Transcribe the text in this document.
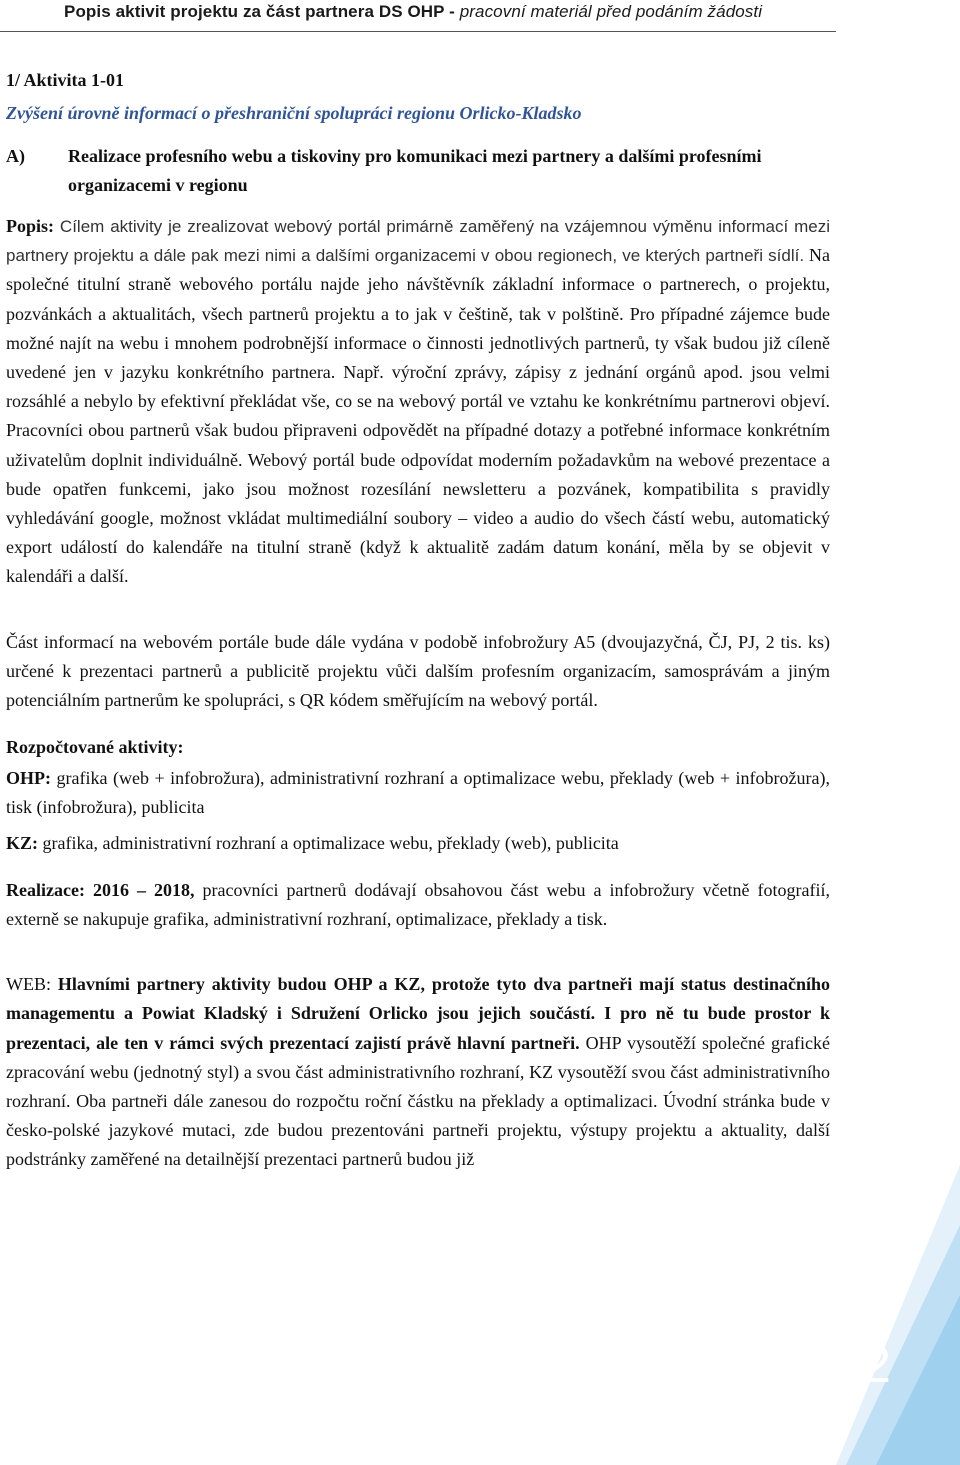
Popis aktivit projektu za část partnera DS OHP - pracovní materiál před podáním žádosti
1/ Aktivita 1-01
Zvýšení úrovně informací o přeshraniční spolupráci regionu Orlicko-Kladsko
A)	Realizace profesního webu a tiskoviny pro komunikaci mezi partnery a dalšími profesními organizacemi v regionu

Popis: Cílem aktivity je zrealizovat webový portál primárně zaměřený na vzájemnou výměnu informací mezi partnery projektu a dále pak mezi nimi a dalšími organizacemi v obou regionech, ve kterých partneři sídlí. Na společné titulní straně webového portálu najde jeho návštěvník základní informace o partnerech, o projektu, pozvánkách a aktualitách, všech partnerů projektu a to jak v češtině, tak v polštině. Pro případné zájemce bude možné najít na webu i mnohem podrobnější informace o činnosti jednotlivých partnerů, ty však budou již cíleně uvedené jen v jazyku konkrétního partnera. Např. výroční zprávy, zápisy z jednání orgánů apod. jsou velmi rozsáhlé a nebylo by efektivní překládat vše, co se na webový portál ve vztahu ke konkrétnímu partnerovi objeví. Pracovníci obou partnerů však budou připraveni odpovědět na případné dotazy a potřebné informace konkrétním uživatelům doplnit individuálně. Webový portál bude odpovídat moderním požadavkům na webové prezentace a bude opatřen funkcemi, jako jsou možnost rozesílání newsletteru a pozvánek, kompatibilita s pravidly vyhledávání google, možnost vkládat multimediální soubory – video a audio do všech částí webu, automatický export událostí do kalendáře na titulní straně (když k aktualitě zadám datum konání, měla by se objevit v kalendáři a další.

Část informací na webovém portále bude dále vydána v podobě infobrožury A5 (dvoujazyčná, ČJ, PJ, 2 tis. ks) určené k prezentaci partnerů a publicitě projektu vůči dalším profesním organizacím, samosprávám a jiným potenciálním partnerům ke spolupráci, s QR kódem směřujícím na webový portál.

Rozpočtované aktivity:

OHP: grafika (web + infobrožura), administrativní rozhraní a optimalizace webu, překlady (web + infobrožura), tisk (infobrožura), publicita

KZ: grafika, administrativní rozhraní a optimalizace webu, překlady (web), publicita

Realizace: 2016 – 2018, pracovníci partnerů dodávají obsahovou část webu a infobrožury včetně fotografií, externě se nakupuje grafika, administrativní rozhraní, optimalizace, překlady a tisk.

WEB: Hlavními partnery aktivity budou OHP a KZ, protože tyto dva partneři mají status destinačního managementu a Powiat Kladský i Sdružení Orlicko jsou jejich součástí. I pro ně tu bude prostor k prezentaci, ale ten v rámci svých prezentací zajistí právě hlavní partneři. OHP vysoutěží společné grafické zpracování webu (jednotný styl) a svou část administrativního rozhraní, KZ vysoutěží svou část administrativního rozhraní. Oba partneři dále zanesou do rozpočtu roční částku na překlady a optimalizaci. Úvodní stránka bude v česko-polské jazykové mutaci, zde budou prezentováni partneři projektu, výstupy projektu a aktuality, další podstránky zaměřené na detailnější prezentaci partnerů budou již

2
